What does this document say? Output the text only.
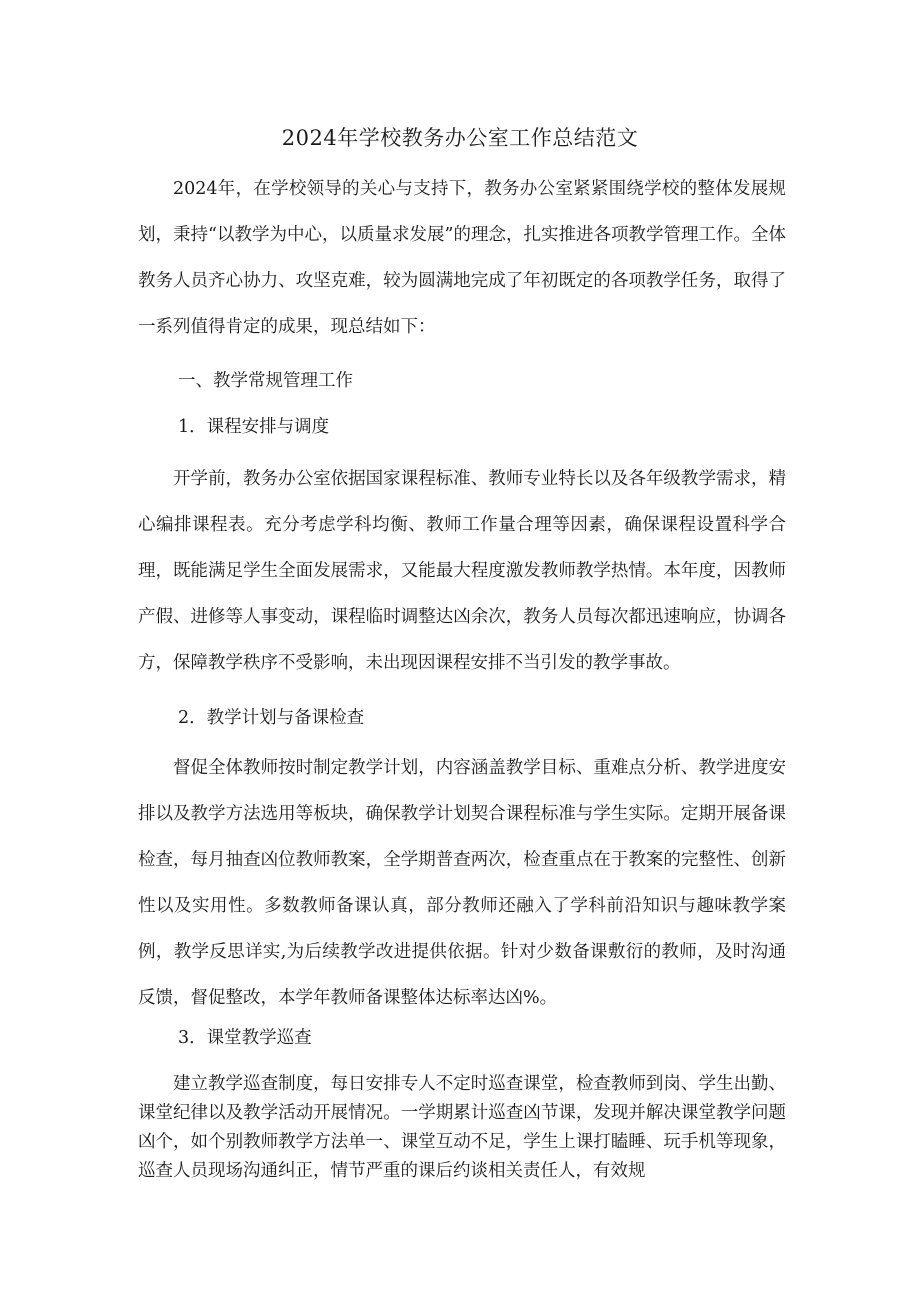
2024年学校教务办公室工作总结范文

2024年，在学校领导的关心与支持下，教务办公室紧紧围绕学校的整体发展规划，秉持“以教学为中心，以质量求发展”的理念，扎实推进各项教学管理工作。全体教务人员齐心协力、攻坚克难，较为圆满地完成了年初既定的各项教学任务，取得了一系列值得肯定的成果，现总结如下：

一、教学常规管理工作

1．课程安排与调度

开学前，教务办公室依据国家课程标准、教师专业特长以及各年级教学需求，精心编排课程表。充分考虑学科均衡、教师工作量合理等因素，确保课程设置科学合理，既能满足学生全面发展需求，又能最大程度激发教师教学热情。本年度，因教师产假、进修等人事变动，课程临时调整达凶余次，教务人员每次都迅速响应，协调各方，保障教学秩序不受影响，未出现因课程安排不当引发的教学事故。

2．教学计划与备课检查

督促全体教师按时制定教学计划，内容涵盖教学目标、重难点分析、教学进度安排以及教学方法选用等板块，确保教学计划契合课程标准与学生实际。定期开展备课检查，每月抽查凶位教师教案，全学期普查两次，检查重点在于教案的完整性、创新性以及实用性。多数教师备课认真，部分教师还融入了学科前沿知识与趣味教学案例，教学反思详实,为后续教学改进提供依据。针对少数备课敷衍的教师，及时沟通反馈，督促整改，本学年教师备课整体达标率达凶%。

3．课堂教学巡查

建立教学巡查制度，每日安排专人不定时巡查课堂，检查教师到岗、学生出勤、课堂纪律以及教学活动开展情况。一学期累计巡查凶节课，发现并解决课堂教学问题凶个，如个别教师教学方法单一、课堂互动不足，学生上课打瞌睡、玩手机等现象，巡查人员现场沟通纠正，情节严重的课后约谈相关责任人，有效规
